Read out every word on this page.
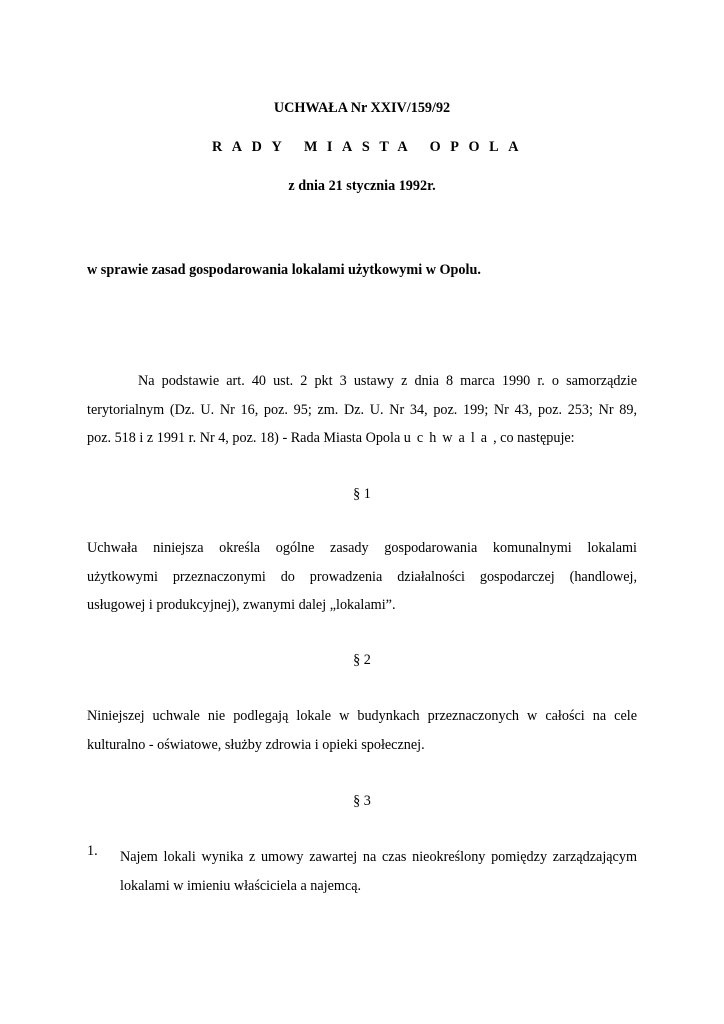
UCHWAŁA Nr XXIV/159/92
RADY MIASTA OPOLA
z dnia 21 stycznia 1992r.
w sprawie zasad gospodarowania lokalami użytkowymi w Opolu.
Na podstawie art. 40 ust. 2 pkt 3 ustawy z dnia 8 marca 1990 r. o samorządzie
terytorialnym (Dz. U. Nr 16, poz. 95; zm. Dz. U. Nr 34, poz. 199; Nr 43, poz. 253; Nr 89,
poz. 518 i z 1991 r. Nr 4, poz. 18) - Rada Miasta Opola uchwala, co następuje:
§ 1
Uchwała niniejsza określa ogólne zasady gospodarowania komunalnymi lokalami
użytkowymi przeznaczonymi do prowadzenia działalności gospodarczej (handlowej,
usługowej i produkcyjnej), zwanymi dalej „lokalami”.
§ 2
Niniejszej uchwale nie podlegają lokale w budynkach przeznaczonych w całości na cele
kulturalno - oświatowe, służby zdrowia i opieki społecznej.
§ 3
1. Najem lokali wynika z umowy zawartej na czas nieokreślony pomiędzy zarządzającym
lokalami w imieniu właściciela a najemcą.
